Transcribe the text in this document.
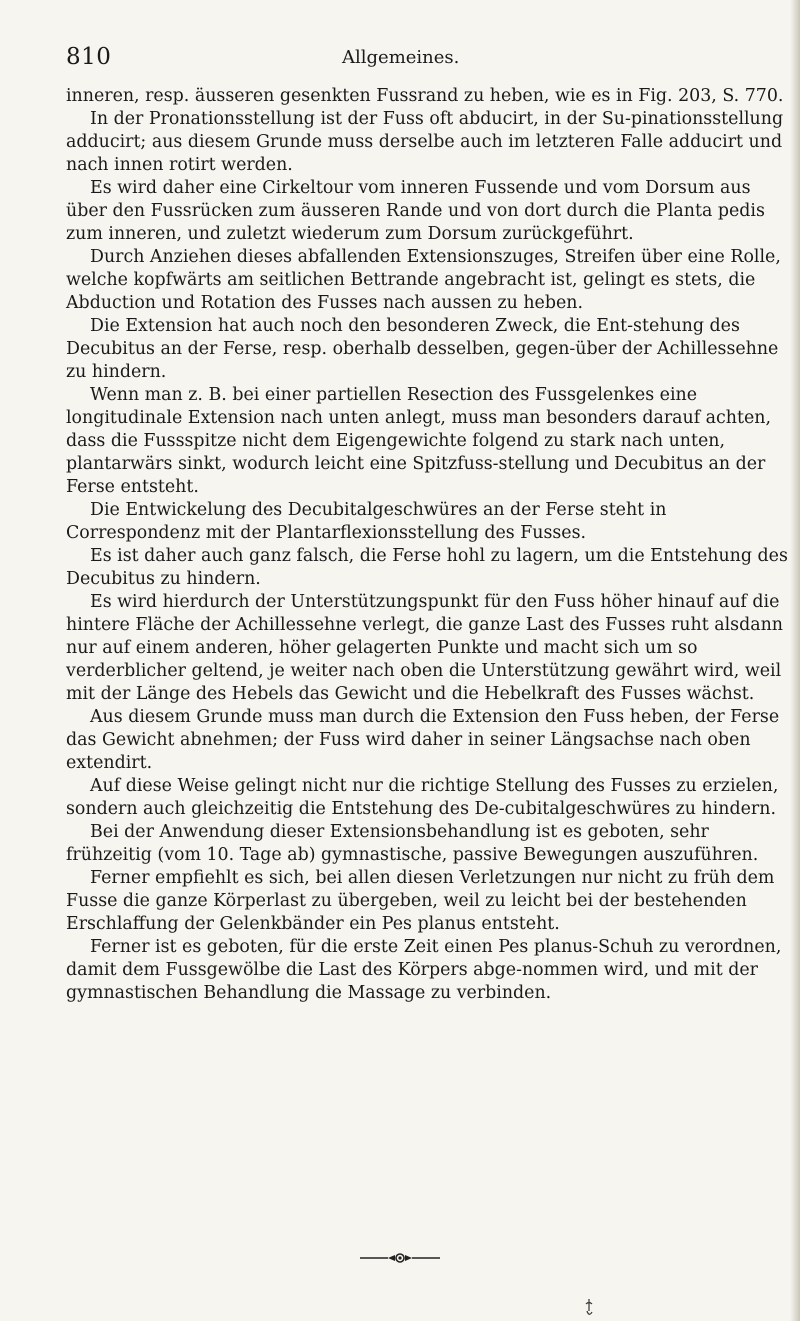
810	Allgemeines.

inneren, resp. äusseren gesenkten Fussrand zu heben, wie es in Fig. 203, S. 770.

In der Pronationsstellung ist der Fuss oft abducirt, in der Su-pinationsstellung adducirt; aus diesem Grunde muss derselbe auch im letzteren Falle adducirt und nach innen rotirt werden.

Es wird daher eine Cirkeltour vom inneren Fussende und vom Dorsum aus über den Fussrücken zum äusseren Rande und von dort durch die Planta pedis zum inneren, und zuletzt wiederum zum Dorsum zurückgeführt.

Durch Anziehen dieses abfallenden Extensionszuges, Streifen über eine Rolle, welche kopfwärts am seitlichen Bettrande angebracht ist, gelingt es stets, die Abduction und Rotation des Fusses nach aussen zu heben.

Die Extension hat auch noch den besonderen Zweck, die Ent-stehung des Decubitus an der Ferse, resp. oberhalb desselben, gegen-über der Achillessehne zu hindern.

Wenn man z. B. bei einer partiellen Resection des Fussgelenkes eine longitudinale Extension nach unten anlegt, muss man besonders darauf achten, dass die Fussspitze nicht dem Eigengewichte folgend zu stark nach unten, plantarwärs sinkt, wodurch leicht eine Spitzfuss-stellung und Decubitus an der Ferse entsteht.

Die Entwickelung des Decubitalgeschwüres an der Ferse steht in Correspondenz mit der Plantarflexionsstellung des Fusses.

Es ist daher auch ganz falsch, die Ferse hohl zu lagern, um die Entstehung des Decubitus zu hindern.

Es wird hierdurch der Unterstützungspunkt für den Fuss höher hinauf auf die hintere Fläche der Achillessehne verlegt, die ganze Last des Fusses ruht alsdann nur auf einem anderen, höher gelagerten Punkte und macht sich um so verderblicher geltend, je weiter nach oben die Unterstützung gewährt wird, weil mit der Länge des Hebels das Gewicht und die Hebelkraft des Fusses wächst.

Aus diesem Grunde muss man durch die Extension den Fuss heben, der Ferse das Gewicht abnehmen; der Fuss wird daher in seiner Längsachse nach oben extendirt.

Auf diese Weise gelingt nicht nur die richtige Stellung des Fusses zu erzielen, sondern auch gleichzeitig die Entstehung des De-cubitalgeschwüres zu hindern.

Bei der Anwendung dieser Extensionsbehandlung ist es geboten, sehr frühzeitig (vom 10. Tage ab) gymnastische, passive Bewegungen auszuführen.

Ferner empfiehlt es sich, bei allen diesen Verletzungen nur nicht zu früh dem Fusse die ganze Körperlast zu übergeben, weil zu leicht bei der bestehenden Erschlaffung der Gelenkbänder ein Pes planus entsteht.

Ferner ist es geboten, für die erste Zeit einen Pes planus-Schuh zu verordnen, damit dem Fussgewölbe die Last des Körpers abge-nommen wird, und mit der gymnastischen Behandlung die Massage zu verbinden.
